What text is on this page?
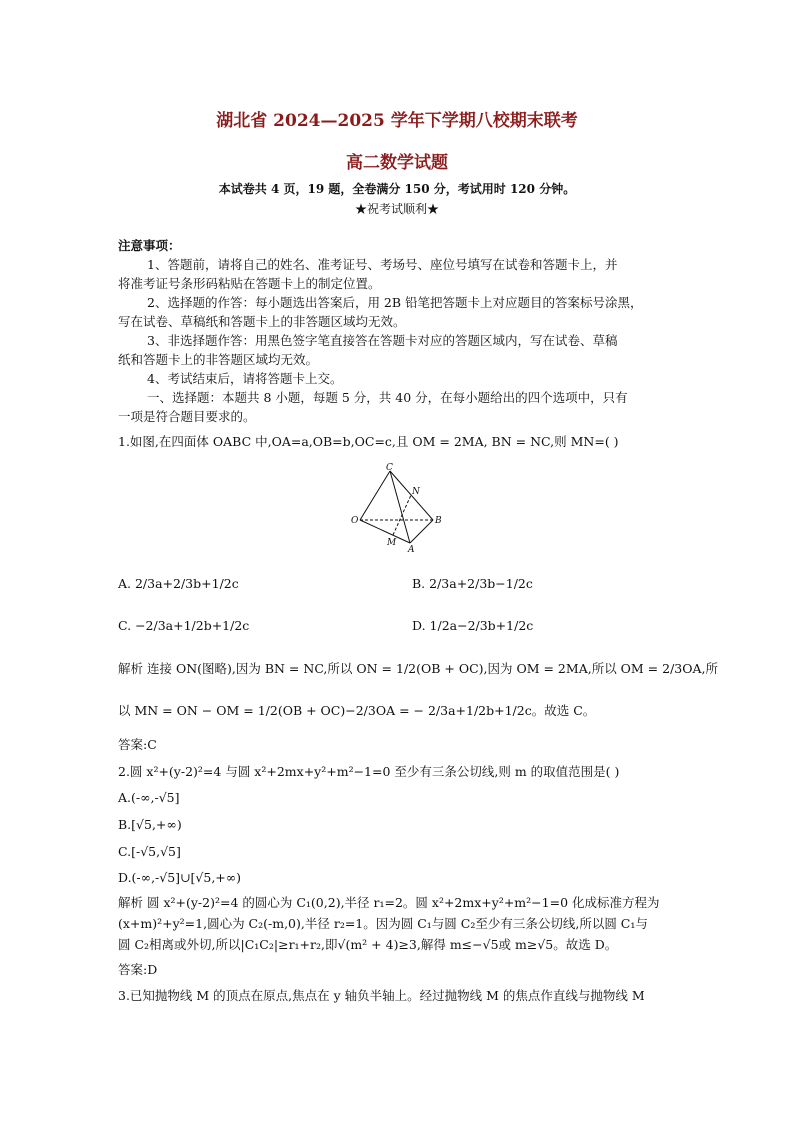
湖北省 2024—2025 学年下学期八校期末联考
高二数学试题
本试卷共 4 页，19 题，全卷满分 150 分，考试用时 120 分钟。
★祝考试顺利★
注意事项：
1、答题前，请将自己的姓名、准考证号、考场号、座位号填写在试卷和答题卡上，并
将准考证号条形码粘贴在答题卡上的制定位置。
2、选择题的作答：每小题选出答案后，用 2B 铅笔把答题卡上对应题目的答案标号涂黑，
写在试卷、草稿纸和答题卡上的非答题区域均无效。
3、非选择题作答：用黑色签字笔直接答在答题卡对应的答题区域内，写在试卷、草稿
纸和答题卡上的非答题区域均无效。
4、考试结束后，请将答题卡上交。
一、选择题：本题共 8 小题，每题 5 分，共 40 分，在每小题给出的四个选项中，只有
一项是符合题目要求的。
1.如图,在四面体 OABC 中,OA=a,OB=b,OC=c,且 OM = 2MA, BN = NC,则 MN=( )
C
N
O	B
M
A
A. 2/3a+2/3b+1/2c	B. 2/3a+2/3b−1/2c
C. −2/3a+1/2b+1/2c	D. 1/2a−2/3b+1/2c
解析 连接 ON(图略),因为 BN = NC,所以 ON = 1/2(OB + OC),因为 OM = 2MA,所以 OM = 2/3OA,所
以 MN = ON − OM = 1/2(OB + OC)−2/3OA = − 2/3a+1/2b+1/2c。故选 C。
答案:C
2.圆 x²+(y-2)²=4 与圆 x²+2mx+y²+m²−1=0 至少有三条公切线,则 m 的取值范围是( )
A.(-∞,-√5]
B.[√5,+∞)
C.[-√5,√5]
D.(-∞,-√5]∪[√5,+∞)
解析 圆 x²+(y-2)²=4 的圆心为 C₁(0,2),半径 r₁=2。圆 x²+2mx+y²+m²−1=0 化成标准方程为
(x+m)²+y²=1,圆心为 C₂(-m,0),半径 r₂=1。因为圆 C₁与圆 C₂至少有三条公切线,所以圆 C₁与
圆 C₂相离或外切,所以|C₁C₂|≥r₁+r₂,即√(m² + 4)≥3,解得 m≤−√5或 m≥√5。故选 D。
答案:D
3.已知抛物线 M 的顶点在原点,焦点在 y 轴负半轴上。经过抛物线 M 的焦点作直线与抛物线 M
